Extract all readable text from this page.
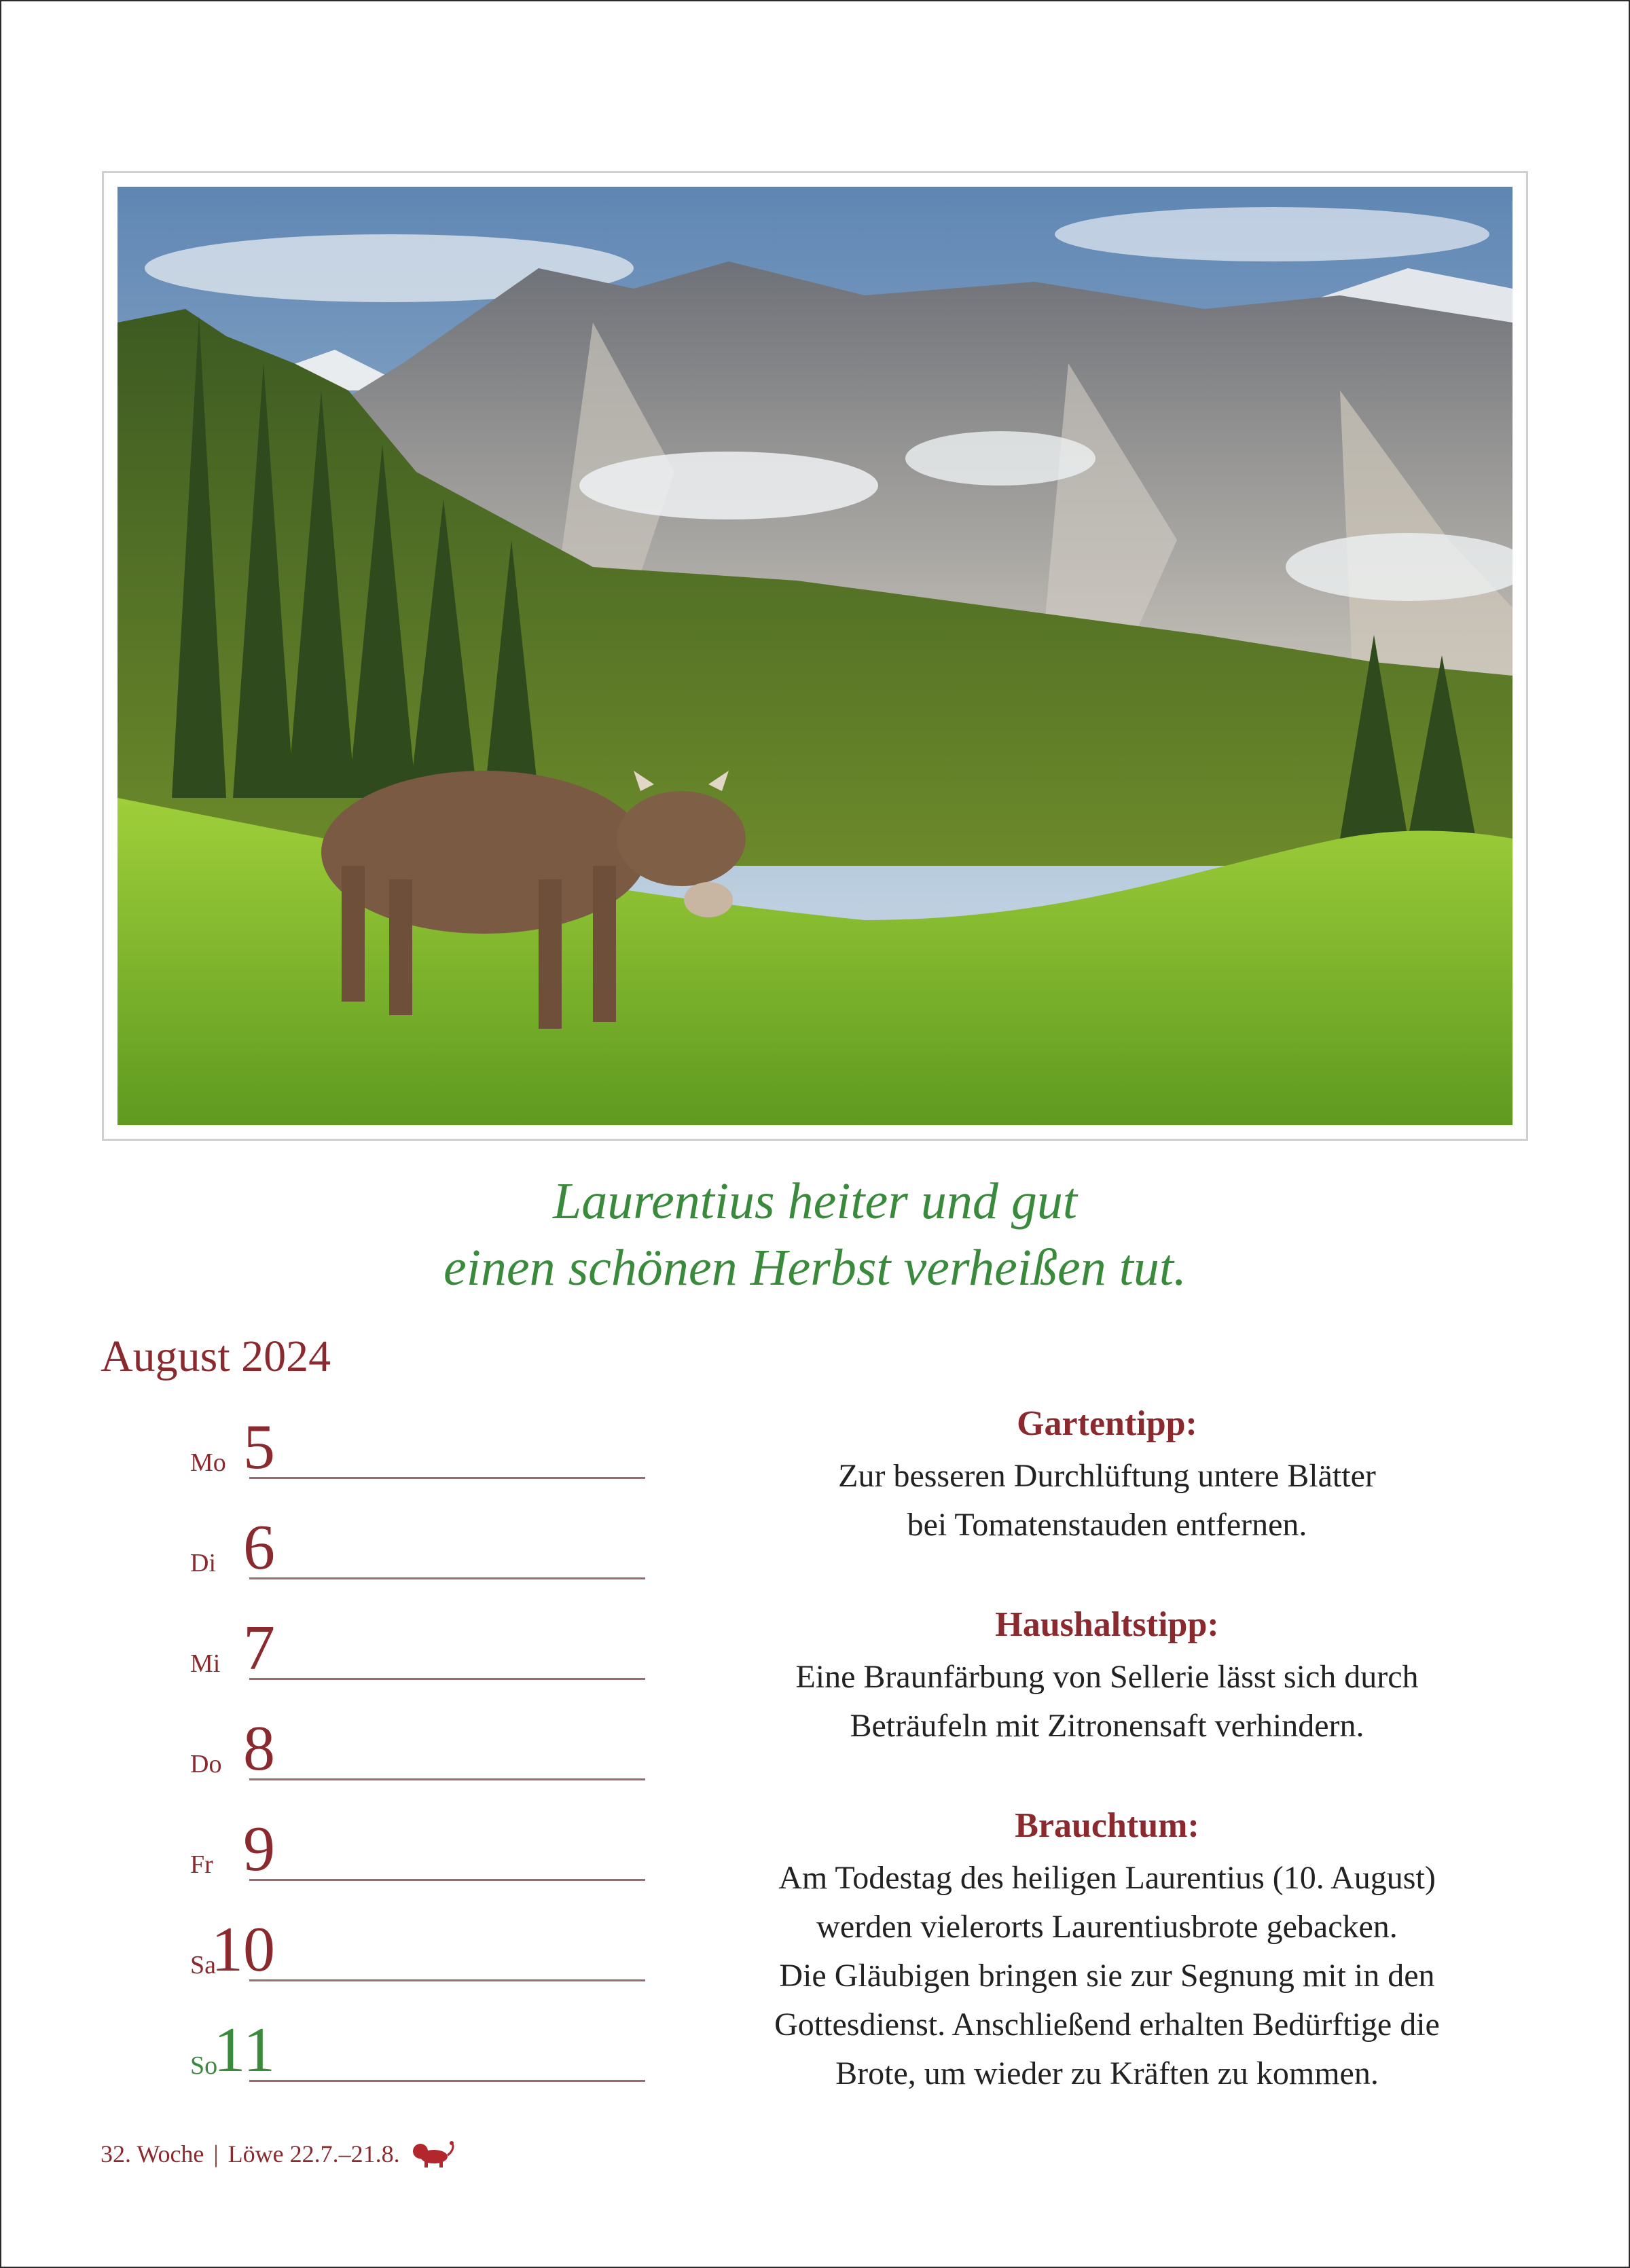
Laurentius heiter und gut
einen schönen Herbst verheißen tut.
August 2024
5
Mo
6
Di
7
Mi
8
Do
9
Fr
10
Sa
11
So
Gartentipp:
Zur besseren Durchlüftung untere Blätter
bei Tomatenstauden entfernen.
Haushaltstipp:
Eine Braunfärbung von Sellerie lässt sich durch
Beträufeln mit Zitronensaft verhindern.
Brauchtum:
Am Todestag des heiligen Laurentius (10. August)
werden vielerorts Laurentiusbrote gebacken.
Die Gläubigen bringen sie zur Segnung mit in den
Gottesdienst. Anschließend erhalten Bedürftige die
Brote, um wieder zu Kräften zu kommen.
32. Woche | Löwe 22.7.–21.8.
